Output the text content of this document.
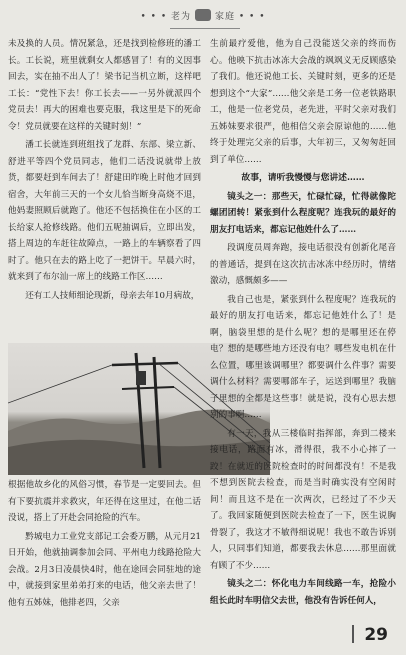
• • • 老为	家庭 • • •

未及换的人员。情况紧急，还是找到检修班的潘工长。工长说，班里就剩女人都感冒了！有的义因事回去，实在抽不出人了！梁书记当机立断，这样吧工长：“党性下去！你工长去——一另外就派四个党员去！再大的困难也要克服，我这里是下的死命令！党员就要在这样的关键时刻！”

潘工长就连到班组找了龙群、东部、梁立新、舒进平等四个党员同志，他们二话没说就带上放货，都要赶到车间去了！舒建田昨晚上时他才回到宿舍，大年前三天的一个女儿恰当断身高烧不退，他妈妻照顾后就跑了。他还不包括换住在小区的工长给家人抢修线路。他们五呢抽调后，立即出发，搭上周边的车赶往故障点，一路上的车辆察看了四时了。他只在去的路上吃了一把饼干。早晨六时，就来到了布尔汕一席上的线路工作区……

还有工人技师细论现新，母亲去年10月病故，

根据他故乡化的风俗习惯，春节是一定要回去。但有下要抗震并求救灾，年还得在这里过，在他二话没说，搭上了开赴会同抢险的汽车。

黔城电力工业党支部记工会委万鹏，从元月21日开始，他就抽调参加会同、平州电力线路抢险大会战。2月3日凌晨快4时，他在途回会同驻地的途中，就接到家里弟弟打来的电话，他父亲去世了！他有五姊妹，他排老四，父亲

生前最疗爱他，他为自己没能送父亲的终而伤心。他映下抗击冰冻大会战的飒飒义无反顾感染了我们。他还说他工长、关键时刻，更多的还是想到这个“大家”……他父亲是工务一位老铁路职工，他是一位老党员，老先进，平时父亲对我们五姊妹要求很严，他相信父亲会原谅他的……他终于处理完父亲的后事，大年初三，又匆匆赶回到了单位……

故事，请听我慢慢与您讲述……

镜头之一：那些天，忙碌忙碌，忙得就像陀螺团团转！紧张到什么程度呢？连我玩的最好的朋友打电话来，都忘记他姓什么了……

段调度员周奔跑，接电话很没有创新化尾音的普通话，提到在这次抗击冰冻中经历时，情绪激动，感慨颇多——

我自己也是，紧张到什么程度呢？连我玩的最好的朋友打电话来，都忘记他姓什么了！是啊，脑袋里想的是什么呢？想的是哪里还在停电？想的是哪些地方还没有电？哪些发电机在什么位置，哪里该调哪里？都要调什么件事？需要调什么材料？需要哪部车子，运送到哪里？我脑子里想的全都是这些事！就是说，没有心思去想别的事啊……

有一天，我从三楼临时指挥部，奔到二楼来接电话，路面有冰，滑得很，我不小心摔了一跤！在就近的医院检查时的时间都没有！不是我不想到医院去检查，而是当时确实没有空闲时间！而且这不是在一次两次，已经过了不少天了。我回家随便到医院去检查了一下，医生说胸骨裂了，我这才不敏得细说呢！我也不敢告诉别人，只同事们知道，都要我去休息……那里面就有顾了不少……

镜头之二：怀化电力车间线路一车，抢险小组长此时车明信父去世，他没有告诉任何人，

29
